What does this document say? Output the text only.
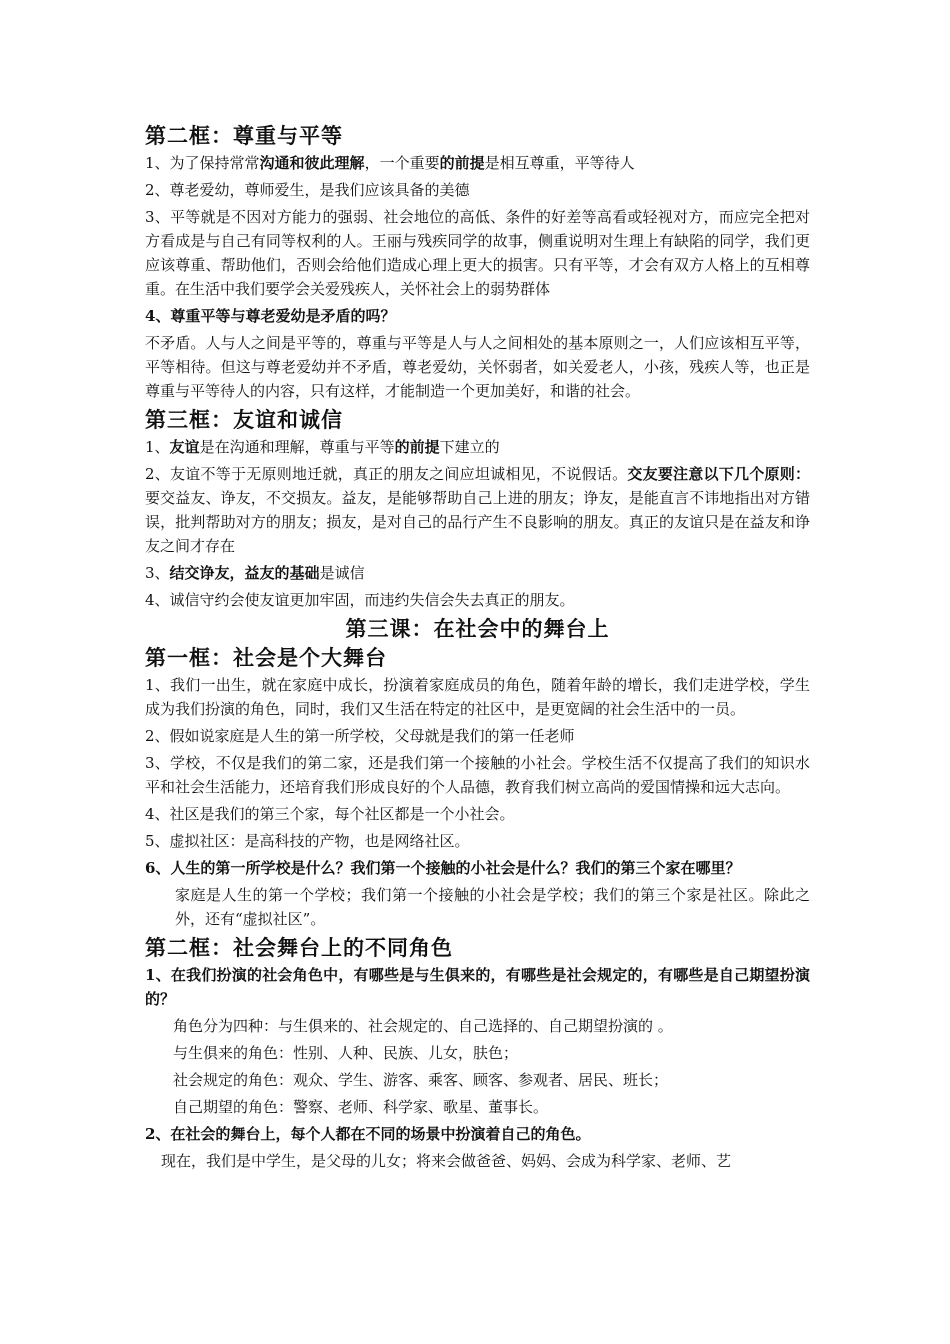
第二框：尊重与平等

1、为了保持常常沟通和彼此理解，一个重要的前提是相互尊重，平等待人

2、尊老爱幼，尊师爱生，是我们应该具备的美德

3、平等就是不因对方能力的强弱、社会地位的高低、条件的好差等高看或轻视对方，而应完全把对方看成是与自己有同等权利的人。王丽与残疾同学的故事，侧重说明对生理上有缺陷的同学，我们更应该尊重、帮助他们，否则会给他们造成心理上更大的损害。只有平等，才会有双方人格上的互相尊重。在生活中我们要学会关爱残疾人，关怀社会上的弱势群体

4、尊重平等与尊老爱幼是矛盾的吗？

不矛盾。人与人之间是平等的，尊重与平等是人与人之间相处的基本原则之一，人们应该相互平等，平等相待。但这与尊老爱幼并不矛盾，尊老爱幼，关怀弱者，如关爱老人，小孩，残疾人等，也正是尊重与平等待人的内容，只有这样，才能制造一个更加美好，和谐的社会。

第三框：友谊和诚信

1、友谊是在沟通和理解，尊重与平等的前提下建立的

2、友谊不等于无原则地迁就，真正的朋友之间应坦诚相见，不说假话。交友要注意以下几个原则：要交益友、诤友，不交损友。益友，是能够帮助自己上进的朋友；诤友，是能直言不讳地指出对方错误，批判帮助对方的朋友；损友，是对自己的品行产生不良影响的朋友。真正的友谊只是在益友和诤友之间才存在

3、结交诤友，益友的基础是诚信

4、诚信守约会使友谊更加牢固，而违约失信会失去真正的朋友。

第三课：在社会中的舞台上
第一框：社会是个大舞台

1、我们一出生，就在家庭中成长，扮演着家庭成员的角色，随着年龄的增长，我们走进学校，学生成为我们扮演的角色，同时，我们又生活在特定的社区中，是更宽阔的社会生活中的一员。

2、假如说家庭是人生的第一所学校，父母就是我们的第一任老师

3、学校，不仅是我们的第二家，还是我们第一个接触的小社会。学校生活不仅提高了我们的知识水平和社会生活能力，还培育我们形成良好的个人品德，教育我们树立高尚的爱国情操和远大志向。

4、社区是我们的第三个家，每个社区都是一个小社会。

5、虚拟社区：是高科技的产物，也是网络社区。

6、人生的第一所学校是什么？我们第一个接触的小社会是什么？我们的第三个家在哪里？

家庭是人生的第一个学校；我们第一个接触的小社会是学校；我们的第三个家是社区。除此之外，还有“虚拟社区”。

第二框：社会舞台上的不同角色

1、在我们扮演的社会角色中，有哪些是与生俱来的，有哪些是社会规定的，有哪些是自己期望扮演的？

角色分为四种：与生俱来的、社会规定的、自己选择的、自己期望扮演的 。

与生俱来的角色：性别、人种、民族、儿女，肤色；

社会规定的角色：观众、学生、游客、乘客、顾客、参观者、居民、班长；

自己期望的角色：警察、老师、科学家、歌星、董事长。

2、在社会的舞台上，每个人都在不同的场景中扮演着自己的角色。

现在，我们是中学生，是父母的儿女；将来会做爸爸、妈妈、会成为科学家、老师、艺
